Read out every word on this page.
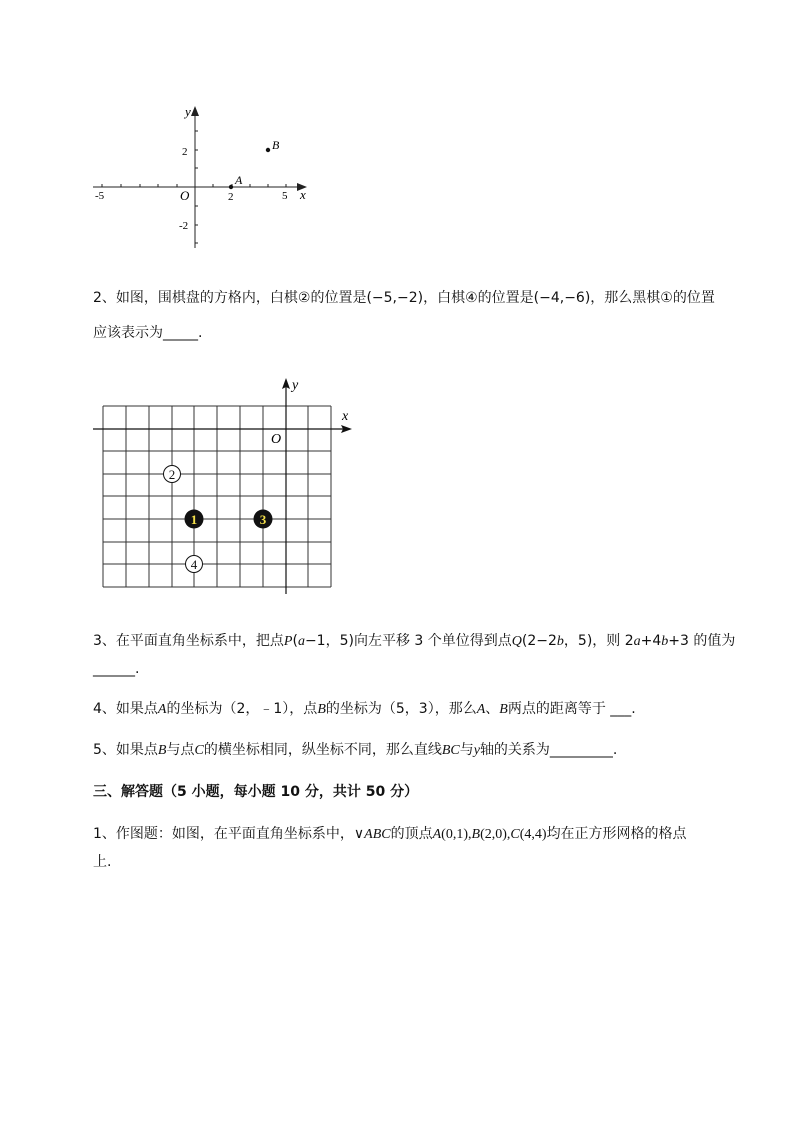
y
x
O
-5	2	5
2
-2
A
B
2、如图，围棋盘的方格内，白棋②的位置是(−5,−2)，白棋④的位置是(−4,−6)，那么黑棋①的位置
应该表示为_____.
y
x
O
2
1	3
4
3、在平面直角坐标系中，把点P(a−1，5)向左平移 3 个单位得到点Q(2−2b，5)，则 2a+4b+3 的值为
______.
4、如果点A的坐标为（2，﹣1），点B的坐标为（5，3），那么A、B两点的距离等于 ___.
5、如果点B与点C的横坐标相同，纵坐标不同，那么直线BC与y轴的关系为_________.
三、解答题（5 小题，每小题 10 分，共计 50 分）
1、作图题：如图，在平面直角坐标系中，∨ABC的顶点A(0,1),B(2,0),C(4,4)均在正方形网格的格点
上.
